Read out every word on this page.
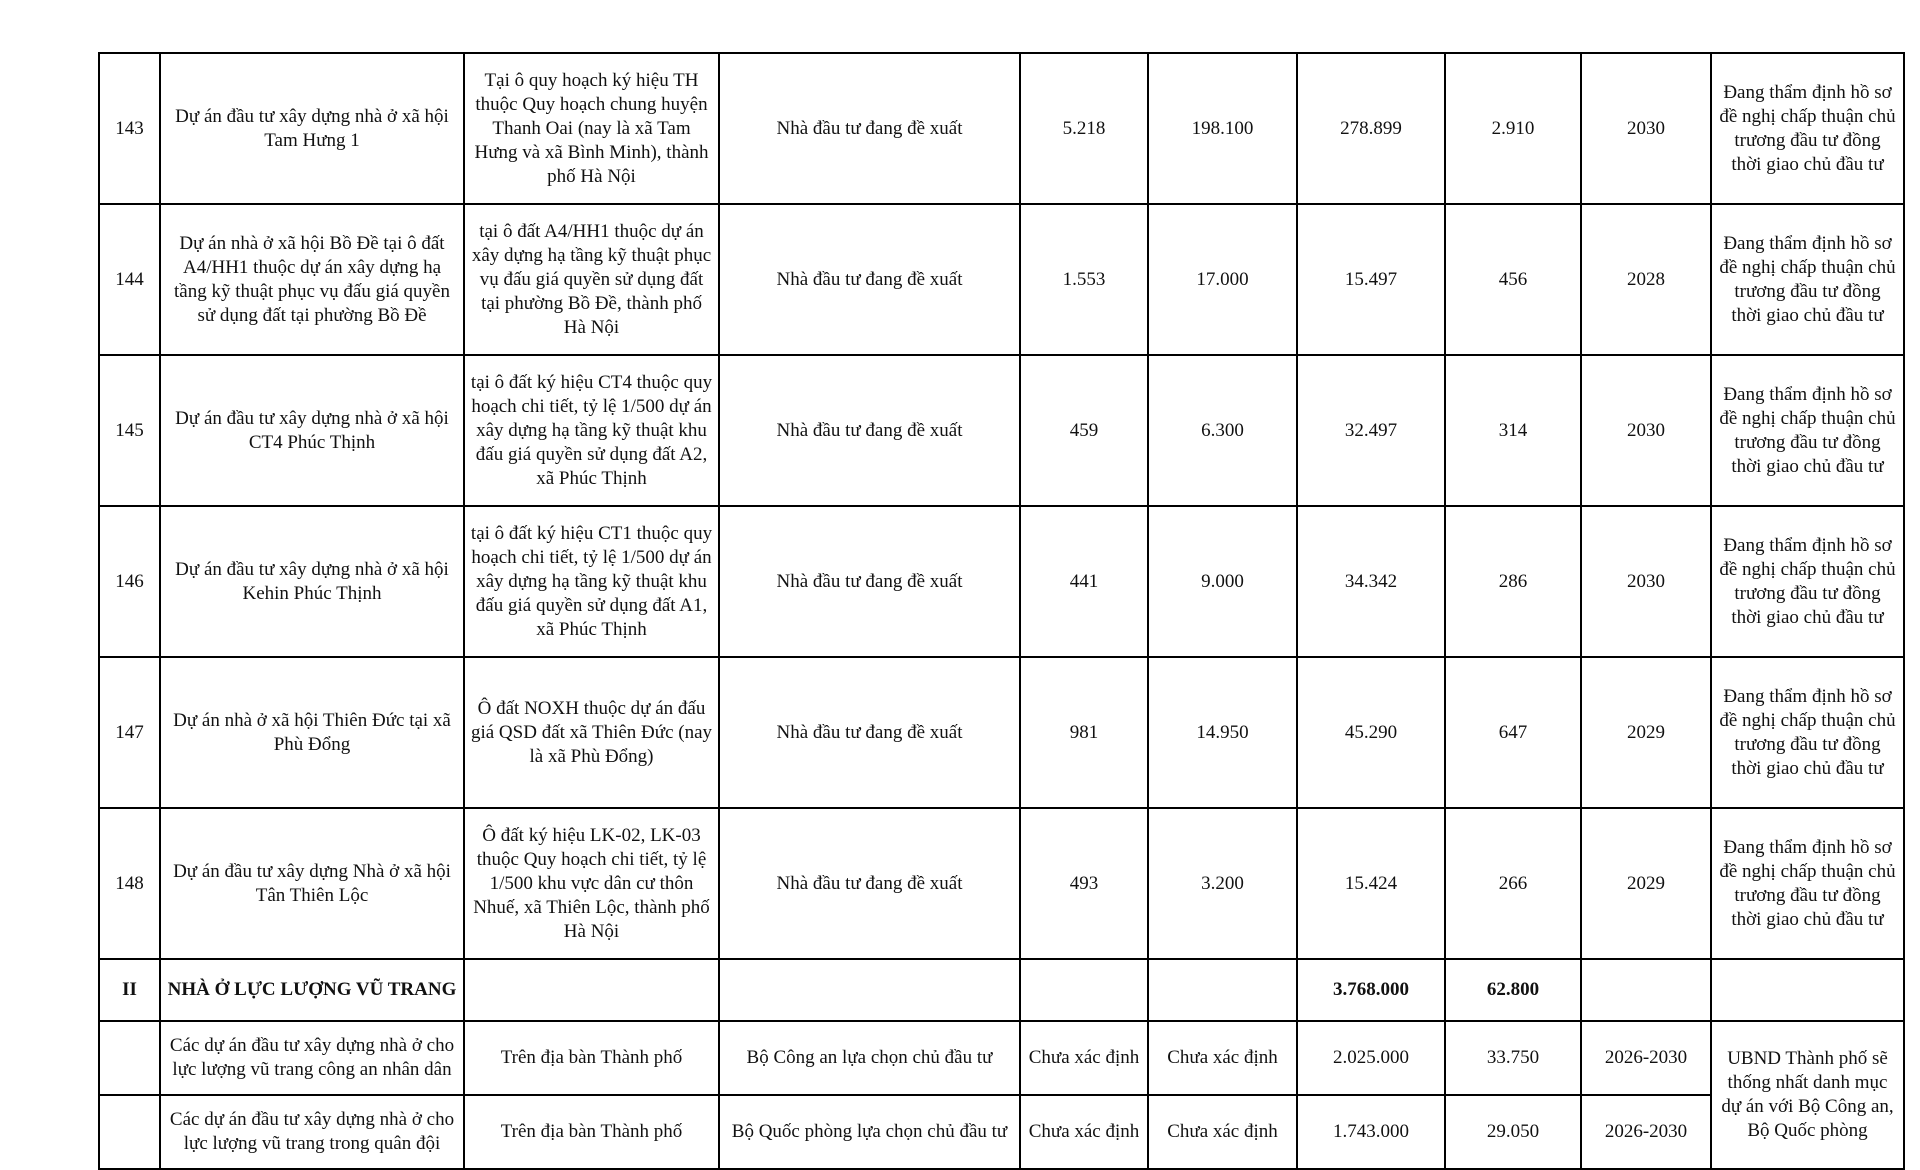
143	Dự án đầu tư xây dựng nhà ở xã hội Tam Hưng 1	Tại ô quy hoạch ký hiệu TH thuộc Quy hoạch chung huyện Thanh Oai (nay là xã Tam Hưng và xã Bình Minh), thành phố Hà Nội	Nhà đầu tư đang đề xuất	5.218	198.100	278.899	2.910	2030	Đang thẩm định hồ sơ đề nghị chấp thuận chủ trương đầu tư đồng thời giao chủ đầu tư
144	Dự án nhà ở xã hội Bồ Đề tại ô đất A4/HH1 thuộc dự án xây dựng hạ tầng kỹ thuật phục vụ đấu giá quyền sử dụng đất tại phường Bồ Đề	tại ô đất A4/HH1 thuộc dự án xây dựng hạ tầng kỹ thuật phục vụ đấu giá quyền sử dụng đất tại phường Bồ Đề, thành phố Hà Nội	Nhà đầu tư đang đề xuất	1.553	17.000	15.497	456	2028	Đang thẩm định hồ sơ đề nghị chấp thuận chủ trương đầu tư đồng thời giao chủ đầu tư
145	Dự án đầu tư xây dựng nhà ở xã hội CT4 Phúc Thịnh	tại ô đất ký hiệu CT4 thuộc quy hoạch chi tiết, tỷ lệ 1/500 dự án xây dựng hạ tầng kỹ thuật khu đấu giá quyền sử dụng đất A2, xã Phúc Thịnh	Nhà đầu tư đang đề xuất	459	6.300	32.497	314	2030	Đang thẩm định hồ sơ đề nghị chấp thuận chủ trương đầu tư đồng thời giao chủ đầu tư
146	Dự án đầu tư xây dựng nhà ở xã hội Kehin Phúc Thịnh	tại ô đất ký hiệu CT1 thuộc quy hoạch chi tiết, tỷ lệ 1/500 dự án xây dựng hạ tầng kỹ thuật khu đấu giá quyền sử dụng đất A1, xã Phúc Thịnh	Nhà đầu tư đang đề xuất	441	9.000	34.342	286	2030	Đang thẩm định hồ sơ đề nghị chấp thuận chủ trương đầu tư đồng thời giao chủ đầu tư
147	Dự án nhà ở xã hội Thiên Đức tại xã Phù Đổng	Ô đất NOXH thuộc dự án đấu giá QSD đất xã Thiên Đức (nay là xã Phù Đổng)	Nhà đầu tư đang đề xuất	981	14.950	45.290	647	2029	Đang thẩm định hồ sơ đề nghị chấp thuận chủ trương đầu tư đồng thời giao chủ đầu tư
148	Dự án đầu tư xây dựng Nhà ở xã hội Tân Thiên Lộc	Ô đất ký hiệu LK-02, LK-03 thuộc Quy hoạch chi tiết, tỷ lệ 1/500 khu vực dân cư thôn Nhuế, xã Thiên Lộc, thành phố Hà Nội	Nhà đầu tư đang đề xuất	493	3.200	15.424	266	2029	Đang thẩm định hồ sơ đề nghị chấp thuận chủ trương đầu tư đồng thời giao chủ đầu tư
II	NHÀ Ở LỰC LƯỢNG VŨ TRANG					3.768.000	62.800		
	Các dự án đầu tư xây dựng nhà ở cho lực lượng vũ trang công an nhân dân	Trên địa bàn Thành phố	Bộ Công an lựa chọn chủ đầu tư	Chưa xác định	Chưa xác định	2.025.000	33.750	2026-2030	UBND Thành phố sẽ thống nhất danh mục dự án với Bộ Công an, Bộ Quốc phòng
	Các dự án đầu tư xây dựng nhà ở cho lực lượng vũ trang trong quân đội	Trên địa bàn Thành phố	Bộ Quốc phòng lựa chọn chủ đầu tư	Chưa xác định	Chưa xác định	1.743.000	29.050	2026-2030	
